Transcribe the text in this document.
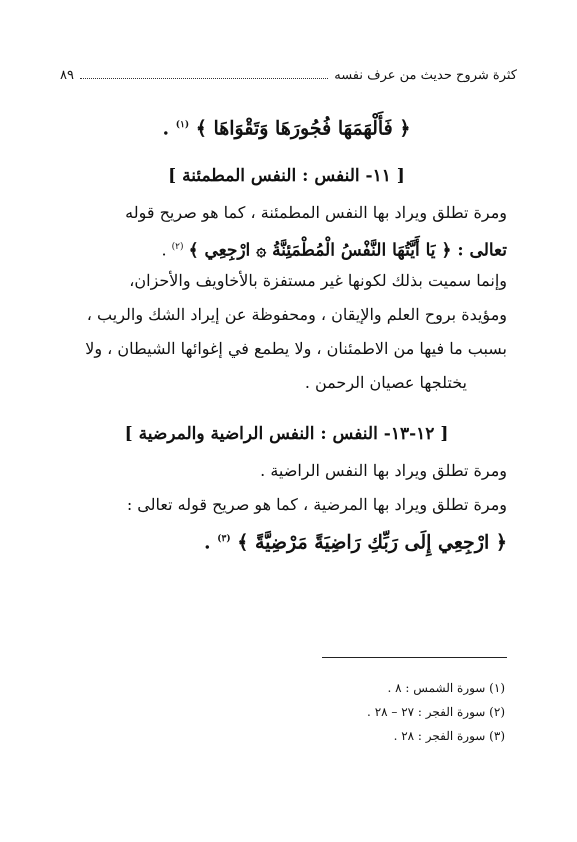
كثرة شروح حديث من عرف نفسه
٨٩
﴿ فَأَلْهَمَهَا فُجُورَهَا وَتَقْوَاهَا ﴾ $^{(١)}$ .
[ ١١- النفس : النفس المطمئنة ]
ومرة تطلق ويراد بها النفس المطمئنة ، كما هو صريح قوله
تعالى : ﴿ يَا أَيَّتُهَا النَّفْسُ الْمُطْمَئِنَّةُ ۞ ارْجِعِي ﴾ $^{(٢)}$ .
وإنما سميت بذلك لكونها غير مستفزة بالأخاويف والأحزان،
ومؤيدة بروح العلم والإيقان ، ومحفوظة عن إيراد الشك والريب ،
بسبب ما فيها من الاطمئنان ، ولا يطمع في إغوائها الشيطان ، ولا
يختلجها عصيان الرحمن .
[ ١٢-١٣- النفس : النفس الراضية والمرضية ]
ومرة تطلق ويراد بها النفس الراضية .
ومرة تطلق ويراد بها المرضية ، كما هو صريح قوله تعالى :
﴿ ارْجِعِي إِلَى رَبِّكِ رَاضِيَةً مَرْضِيَّةً ﴾ $^{(٣)}$ .
(١) سورة الشمس : ٨ .
(٢) سورة الفجر : ٢٧ – ٢٨ .
(٣) سورة الفجر : ٢٨ .
